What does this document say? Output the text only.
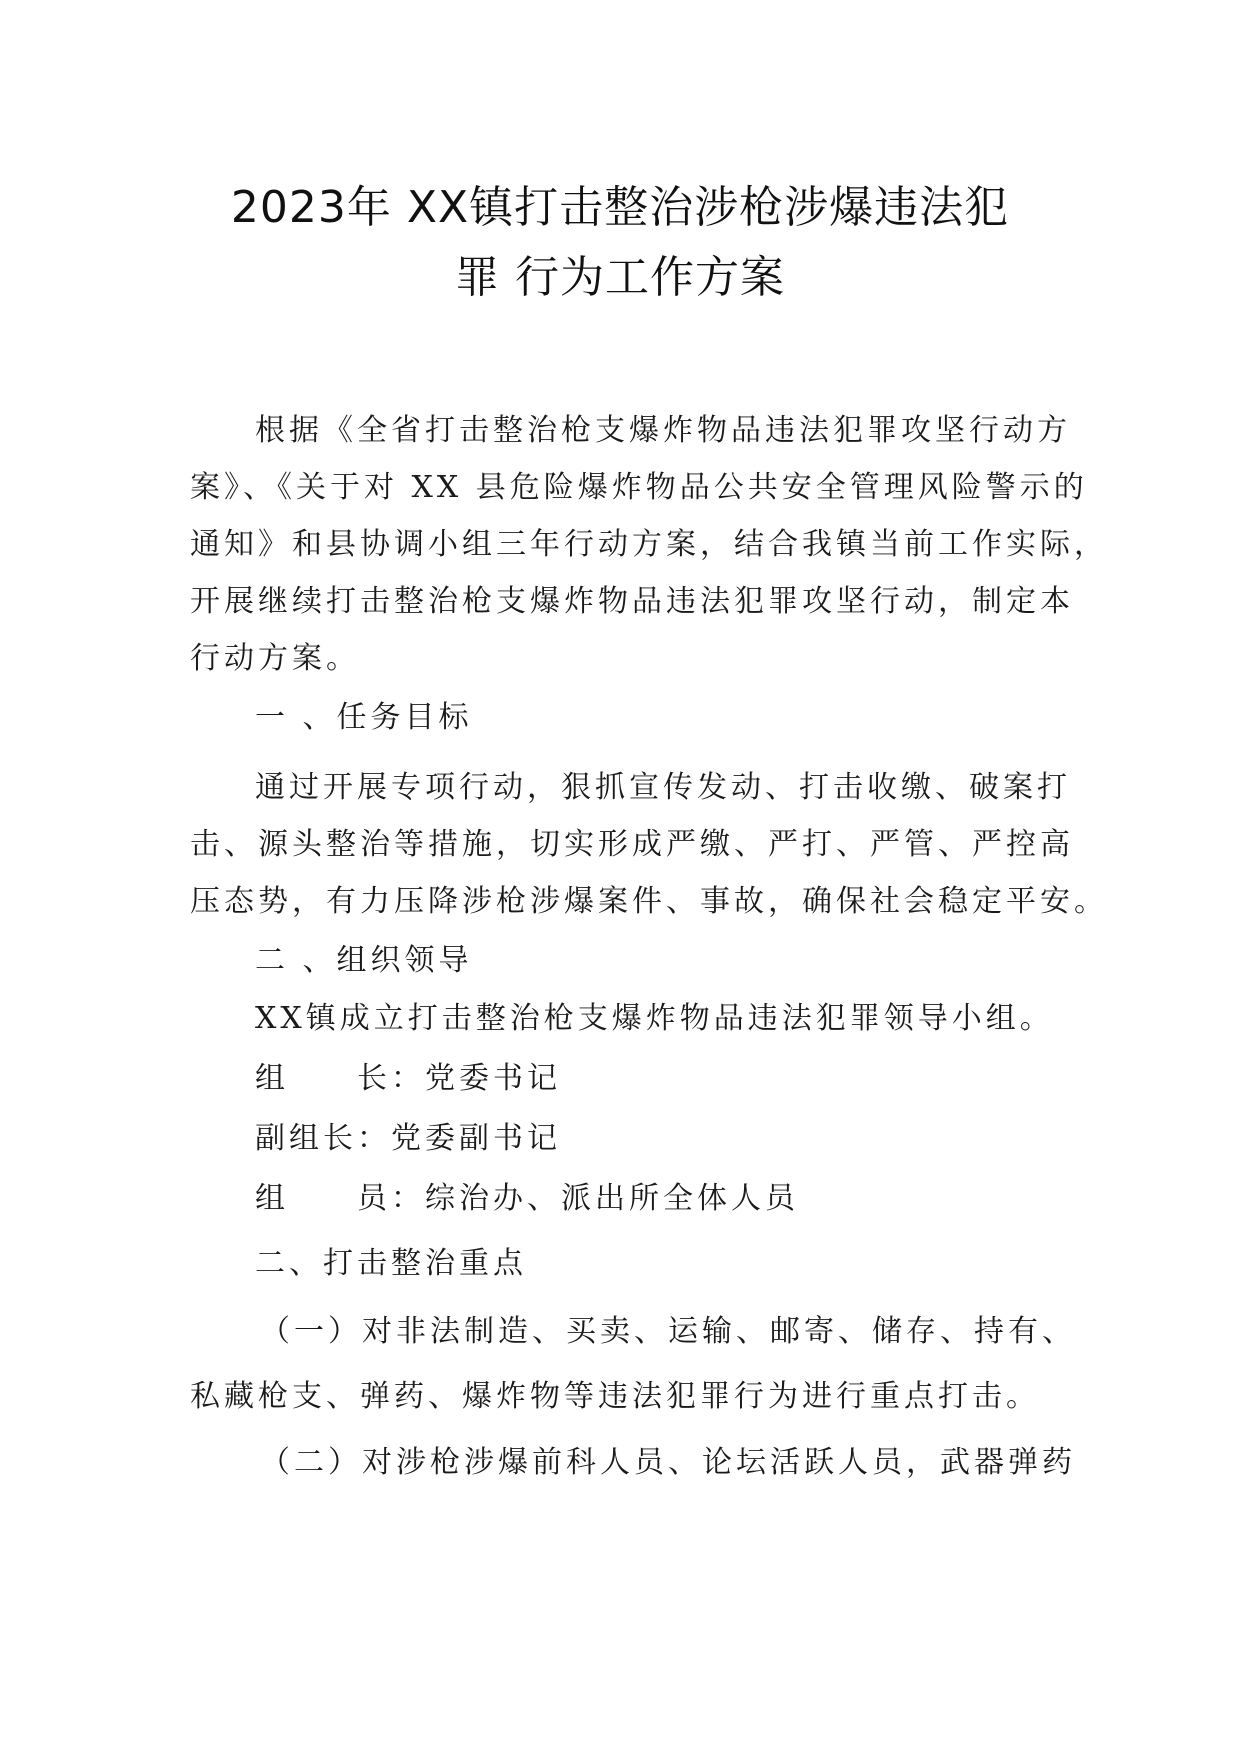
2023年 XX镇打击整治涉枪涉爆违法犯
罪 行为工作方案
根据《全省打击整治枪支爆炸物品违法犯罪攻坚行动方
案》、《关于对 XX 县危险爆炸物品公共安全管理风险警示的
通知》和县协调小组三年行动方案，结合我镇当前工作实际，
开展继续打击整治枪支爆炸物品违法犯罪攻坚行动，制定本
行动方案。
一 、任务目标
通过开展专项行动，狠抓宣传发动、打击收缴、破案打
击、源头整治等措施，切实形成严缴、严打、严管、严控高
压态势，有力压降涉枪涉爆案件、事故，确保社会稳定平安。
二 、组织领导
XX镇成立打击整治枪支爆炸物品违法犯罪领导小组。
组　　长：党委书记
副组长：党委副书记
组　　员：综治办、派出所全体人员
二、打击整治重点
（一）对非法制造、买卖、运输、邮寄、储存、持有、
私藏枪支、弹药、爆炸物等违法犯罪行为进行重点打击。
（二）对涉枪涉爆前科人员、论坛活跃人员，武器弹药
